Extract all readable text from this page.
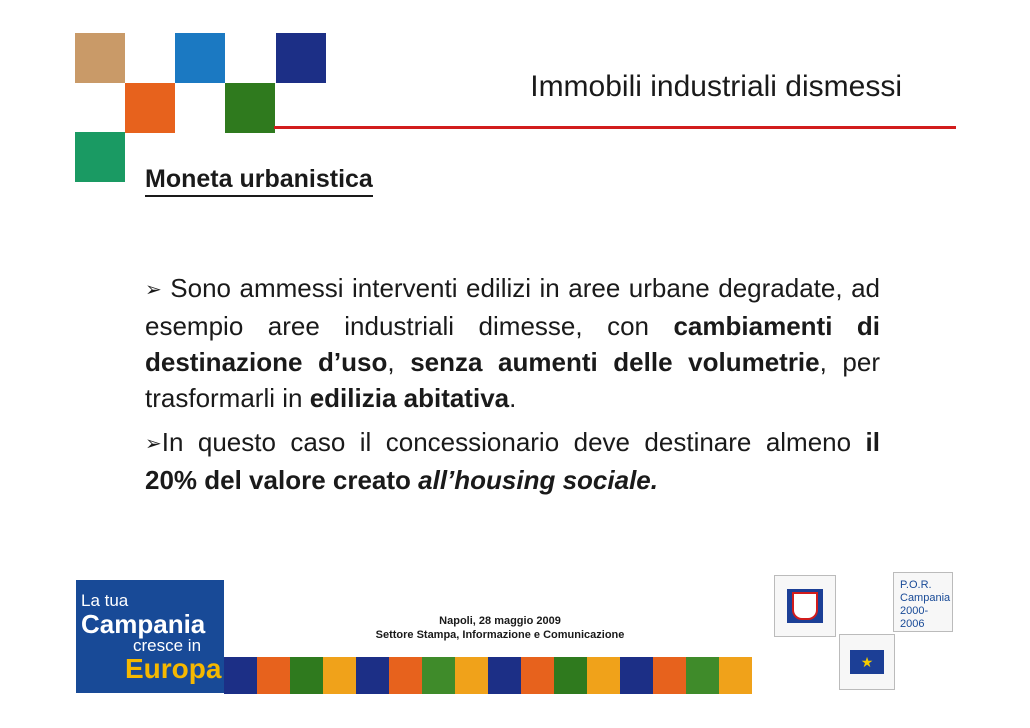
Immobili industriali dismessi
Moneta urbanistica

➢ Sono ammessi interventi edilizi in aree urbane degradate, ad esempio aree industriali dimesse, con cambiamenti di destinazione d’uso, senza aumenti delle volumetrie, per trasformarli in edilizia abitativa.

➢In questo caso il concessionario deve destinare almeno il 20% del valore creato all’housing sociale.

La tua
Campania
cresce in
Europa
Napoli, 28 maggio 2009
Settore Stampa, Informazione e Comunicazione
P.O.R.
Campania
2000-2006
★
